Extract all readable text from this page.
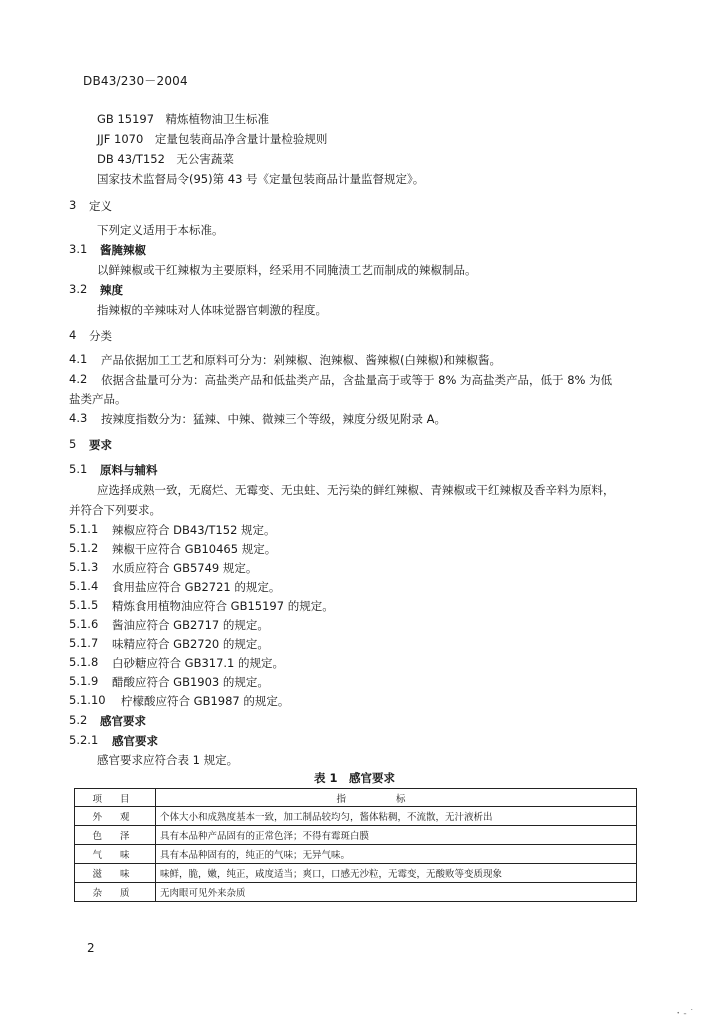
DB43/230－2004
GB 15197　精炼植物油卫生标准
JJF 1070　定量包装商品净含量计量检验规则
DB 43/T152　无公害蔬菜
国家技术监督局令(95)第 43 号《定量包装商品计量监督规定》。
3 定义
下列定义适用于本标准。
3.1 酱腌辣椒
以鲜辣椒或干红辣椒为主要原料，经采用不同腌渍工艺而制成的辣椒制品。
3.2 辣度
指辣椒的辛辣味对人体味觉器官刺激的程度。
4 分类
4.1 产品依据加工工艺和原料可分为：剁辣椒、泡辣椒、酱辣椒(白辣椒)和辣椒酱。
4.2 依据含盐量可分为：高盐类产品和低盐类产品，含盐量高于或等于 8% 为高盐类产品，低于 8% 为低
盐类产品。
4.3 按辣度指数分为：猛辣、中辣、微辣三个等级，辣度分级见附录 A。
5 要求
5.1 原料与辅料
应选择成熟一致，无腐烂、无霉变、无虫蛀、无污染的鲜红辣椒、青辣椒或干红辣椒及香辛料为原料，
并符合下列要求。
5.1.1 辣椒应符合 DB43/T152 规定。
5.1.2 辣椒干应符合 GB10465 规定。
5.1.3 水质应符合 GB5749 规定。
5.1.4 食用盐应符合 GB2721 的规定。
5.1.5 精炼食用植物油应符合 GB15197 的规定。
5.1.6 酱油应符合 GB2717 的规定。
5.1.7 味精应符合 GB2720 的规定。
5.1.8 白砂糖应符合 GB317.1 的规定。
5.1.9 醋酸应符合 GB1903 的规定。
5.1.10 柠檬酸应符合 GB1987 的规定。
5.2 感官要求
5.2.1 感官要求
感官要求应符合表 1 规定。
表 1　感官要求
项目	指标
外观	个体大小和成熟度基本一致，加工制品较均匀，酱体粘稠，不流散，无汁液析出
色泽	具有本品种产品固有的正常色泽；不得有霉斑白膜
气味	具有本品种固有的，纯正的气味；无异气味。
滋味	味鲜，脆，嫩，纯正，咸度适当；爽口，口感无沙粒，无霉变，无酸败等变质现象
杂质	无肉眼可见外来杂质
2
･ - ˙
